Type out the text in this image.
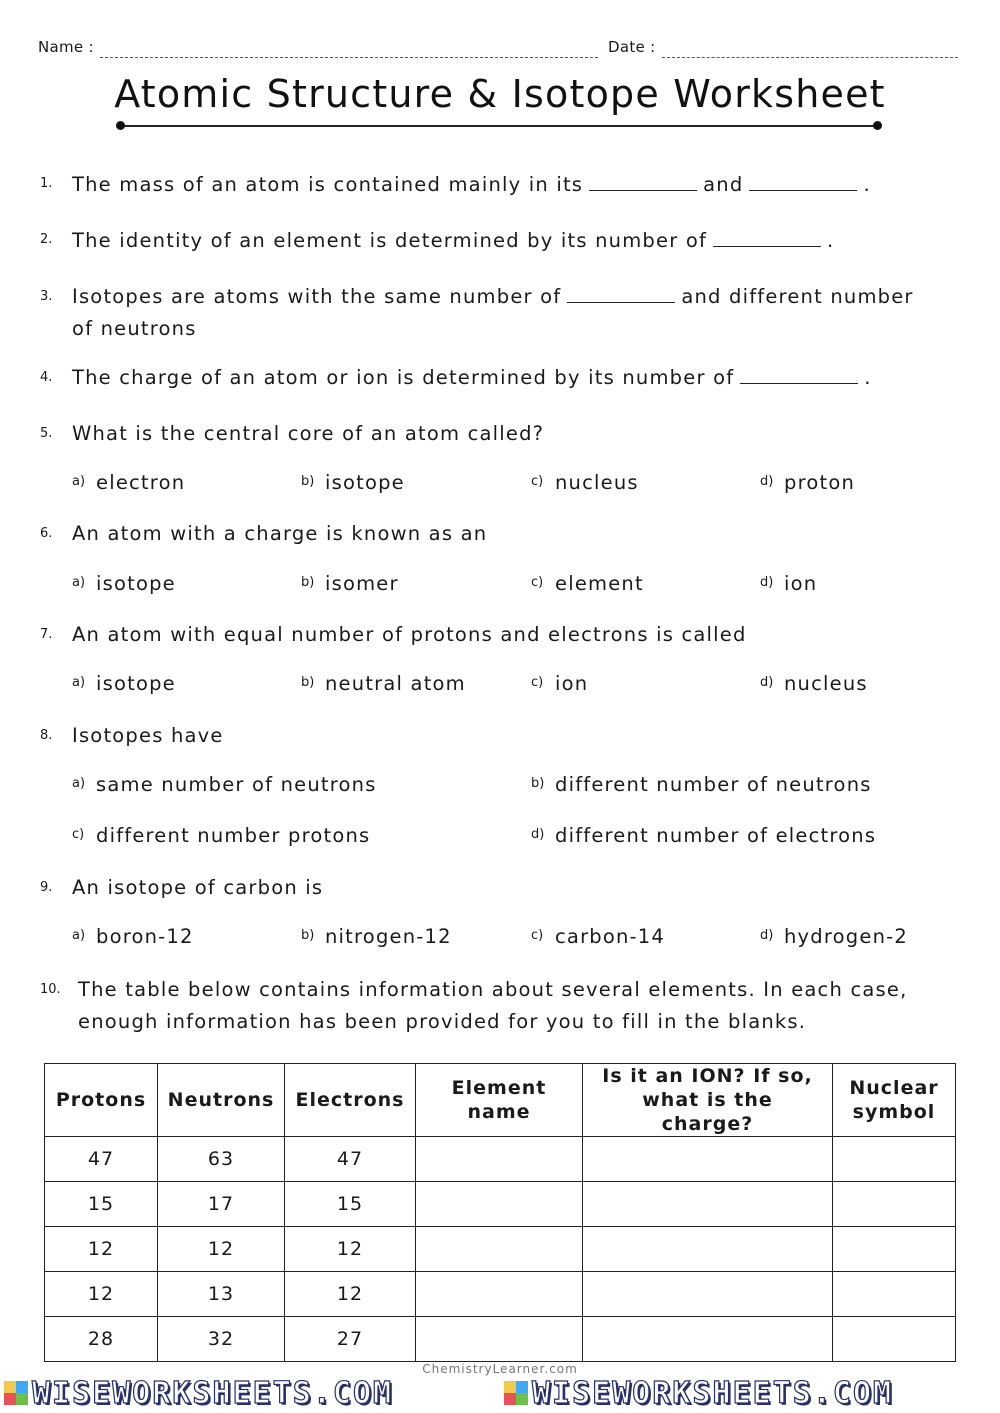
Name :	Date :
Atomic Structure & Isotope Worksheet
1. The mass of an atom is contained mainly in its	and	.
2. The identity of an element is determined by its number of	.
3. Isotopes are atoms with the same number of	and different number
of neutrons
4. The charge of an atom or ion is determined by its number of	.
5. What is the central core of an atom called?
a) electron	b) isotope	c) nucleus	d) proton
6. An atom with a charge is known as an
a) isotope	b) isomer	c) element	d) ion
7. An atom with equal number of protons and electrons is called
a) isotope	b) neutral atom	c) ion	d) nucleus
8. Isotopes have
a) same number of neutrons	b) different number of neutrons
c) different number protons	d) different number of electrons
9. An isotope of carbon is
a) boron-12	b) nitrogen-12	c) carbon-14	d) hydrogen-2
10. The table below contains information about several elements. In each case,
enough information has been provided for you to fill in the blanks.
Protons	Neutrons	Electrons	Element name	Is it an ION? If so, what is the charge?	Nuclear symbol
47	63	47			
15	17	15			
12	12	12			
12	13	12			
28	32	27			
ChemistryLearner.com
WISEWORKSHEETS.COM	WISEWORKSHEETS.COM
